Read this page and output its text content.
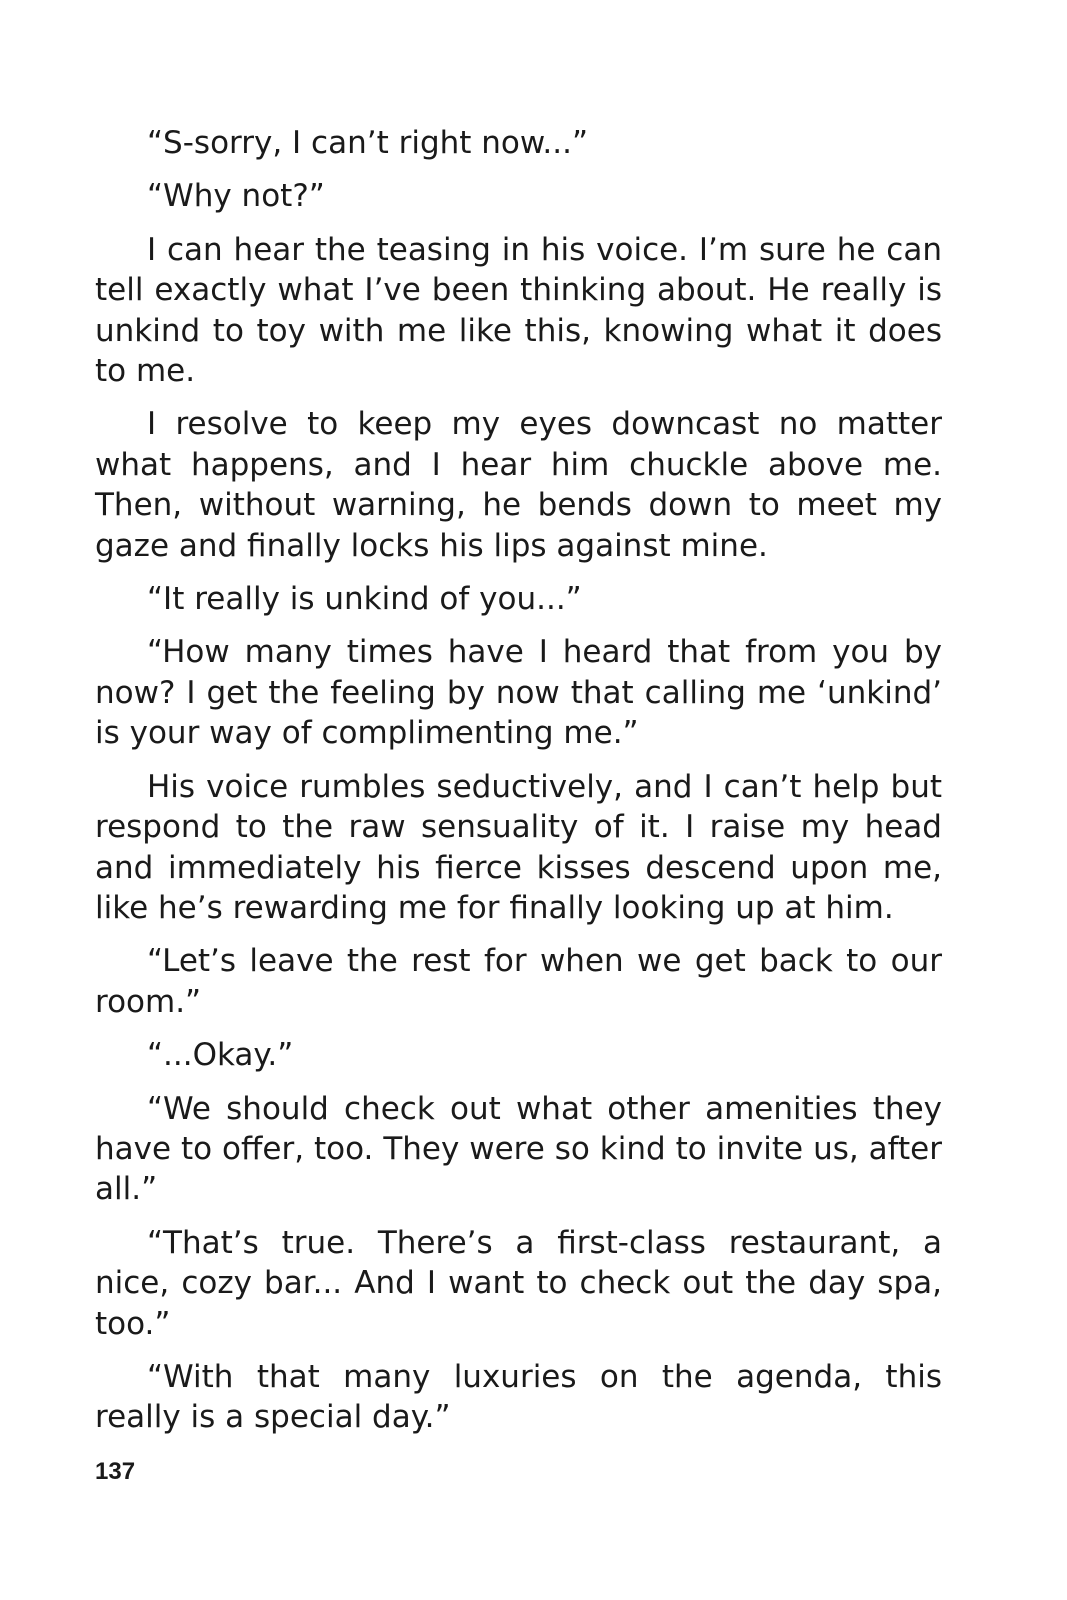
“S-sorry, I can’t right now...”

“Why not?”

I can hear the teasing in his voice. I’m sure he can tell exactly what I’ve been thinking about. He really is unkind to toy with me like this, knowing what it does to me.

I resolve to keep my eyes downcast no matter what happens, and I hear him chuckle above me. Then, without warning, he bends down to meet my gaze and finally locks his lips against mine.

“It really is unkind of you...”

“How many times have I heard that from you by now? I get the feeling by now that calling me ‘unkind’ is your way of complimenting me.”

His voice rumbles seductively, and I can’t help but respond to the raw sensuality of it. I raise my head and immediately his fierce kisses descend upon me, like he’s rewarding me for finally looking up at him.

“Let’s leave the rest for when we get back to our room.”

“...Okay.”

“We should check out what other amenities they have to offer, too. They were so kind to invite us, after all.”

“That’s true. There’s a first-class restaurant, a nice, cozy bar... And I want to check out the day spa, too.”

“With that many luxuries on the agenda, this really is a special day.”

137
